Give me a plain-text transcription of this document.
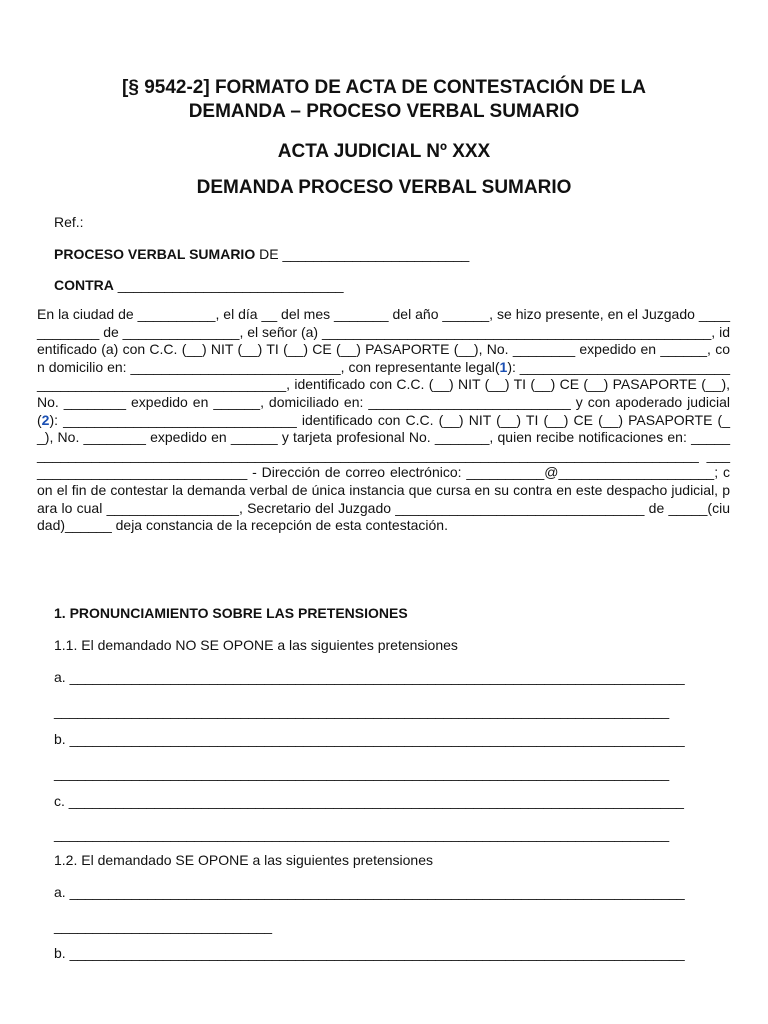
[§ 9542-2] FORMATO DE ACTA DE CONTESTACIÓN DE LA
DEMANDA – PROCESO VERBAL SUMARIO
ACTA JUDICIAL Nº XXX
DEMANDA PROCESO VERBAL SUMARIO
Ref.:
PROCESO VERBAL SUMARIO DE ________________________
CONTRA _____________________________

En la ciudad de __________, el día __ del mes _______ del año ______, se hizo presente, en el Juzgado ____________ de _______________, el señor (a) __________________________________________________, identificado (a) con C.C. (__) NIT (__) TI (__) CE (__) PASAPORTE (__), No. ________ expedido en ______, con domicilio en: ___________________________, con representante legal(1): ___________________________________________________________, identificado con C.C. (__) NIT (__) TI (__) CE (__) PASAPORTE (__), No. ________ expedido en ______, domiciliado en: __________________________ y con apoderado judicial(2): ______________________________ identificado con C.C. (__) NIT (__) TI (__) CE (__) PASAPORTE (__), No. ________ expedido en ______ y tarjeta profesional No. _______, quien recibe notificaciones en: __________________________________________________________________________________________ ______________________________ - Dirección de correo electrónico: __________@____________________; con el fin de contestar la demanda verbal de única instancia que cursa en su contra en este despacho judicial, para lo cual _________________, Secretario del Juzgado ________________________________ de _____(ciudad)______ deja constancia de la recepción de esta contestación.

1. PRONUNCIAMIENTO SOBRE LAS PRETENSIONES
1.1. El demandado NO SE OPONE a las siguientes pretensiones
a. _______________________________________________________________________________
_______________________________________________________________________________
b. _______________________________________________________________________________
_______________________________________________________________________________
c. _______________________________________________________________________________
_______________________________________________________________________________
1.2. El demandado SE OPONE a las siguientes pretensiones
a. _______________________________________________________________________________
____________________________
b. _______________________________________________________________________________
